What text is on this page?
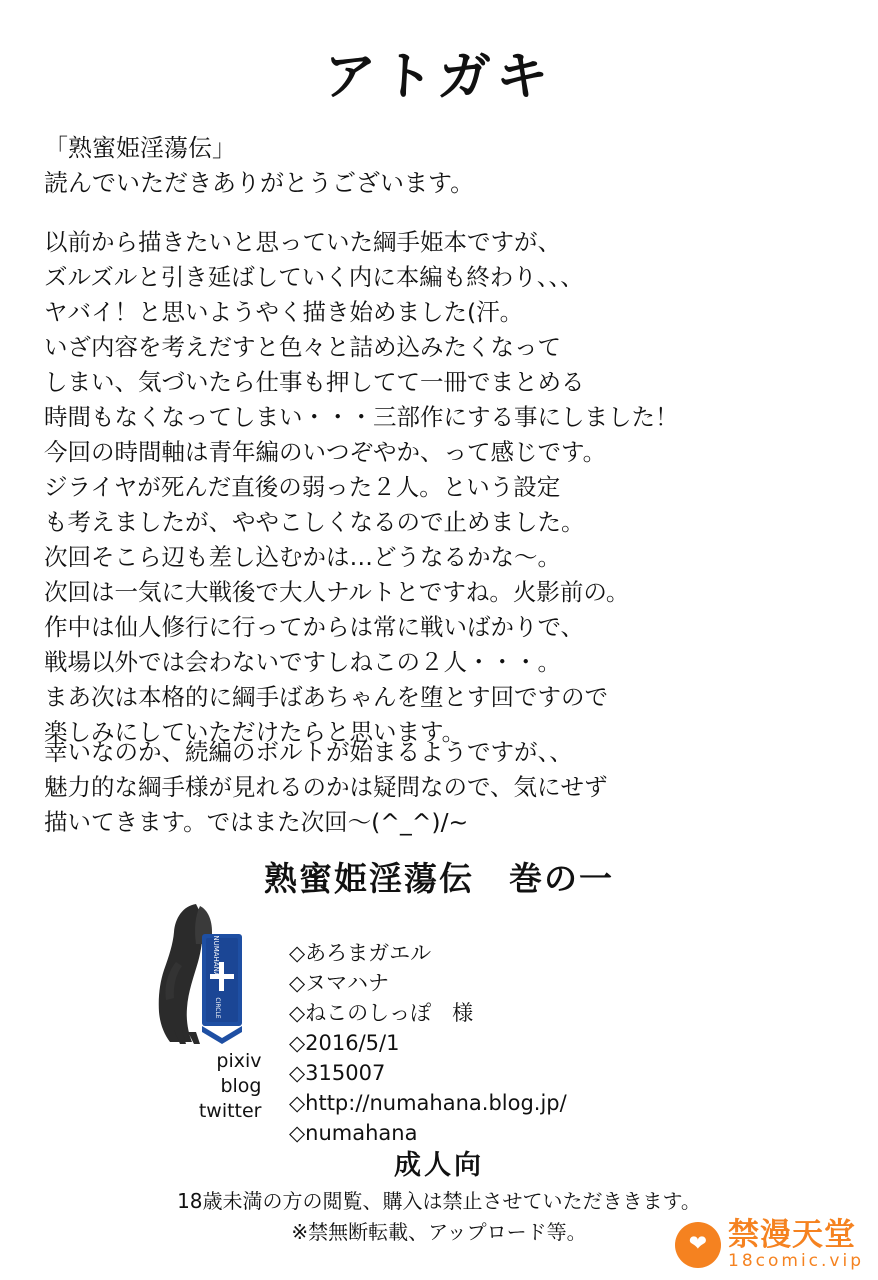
アトガキ
「熟蜜姫淫蕩伝」
読んでいただきありがとうございます。
以前から描きたいと思っていた綱手姫本ですが、
ズルズルと引き延ばしていく内に本編も終わり、、、
ヤバイ！と思いようやく描き始めました(汗。
いざ内容を考えだすと色々と詰め込みたくなって
しまい、気づいたら仕事も押してて一冊でまとめる
時間もなくなってしまい・・・三部作にする事にしました！
今回の時間軸は青年編のいつぞやか、って感じです。
ジライヤが死んだ直後の弱った２人。という設定
も考えましたが、ややこしくなるので止めました。
次回そこら辺も差し込むかは…どうなるかな～。
次回は一気に大戦後で大人ナルトとですね。火影前の。
作中は仙人修行に行ってからは常に戦いばかりで、
戦場以外では会わないですしねこの２人・・・。
まあ次は本格的に綱手ばあちゃんを堕とす回ですので
楽しみにしていただけたらと思います。
幸いなのか、続編のボルトが始まるようですが、、
魅力的な綱手様が見れるのかは疑問なので、気にせず
描いてきます。ではまた次回～(^_^)/~
熟蜜姫淫蕩伝　巻の一
NUMAHANA
CIRCLE
pixiv
blog
twitter
◇あろまガエル
◇ヌマハナ
◇ねこのしっぽ　様
◇2016/5/1
◇315007
◇http://numahana.blog.jp/
◇numahana
成人向
18歳未満の方の閲覧、購入は禁止させていただききます。
※禁無断転載、アップロード等。	❤ 禁漫天堂
18comic.vip
